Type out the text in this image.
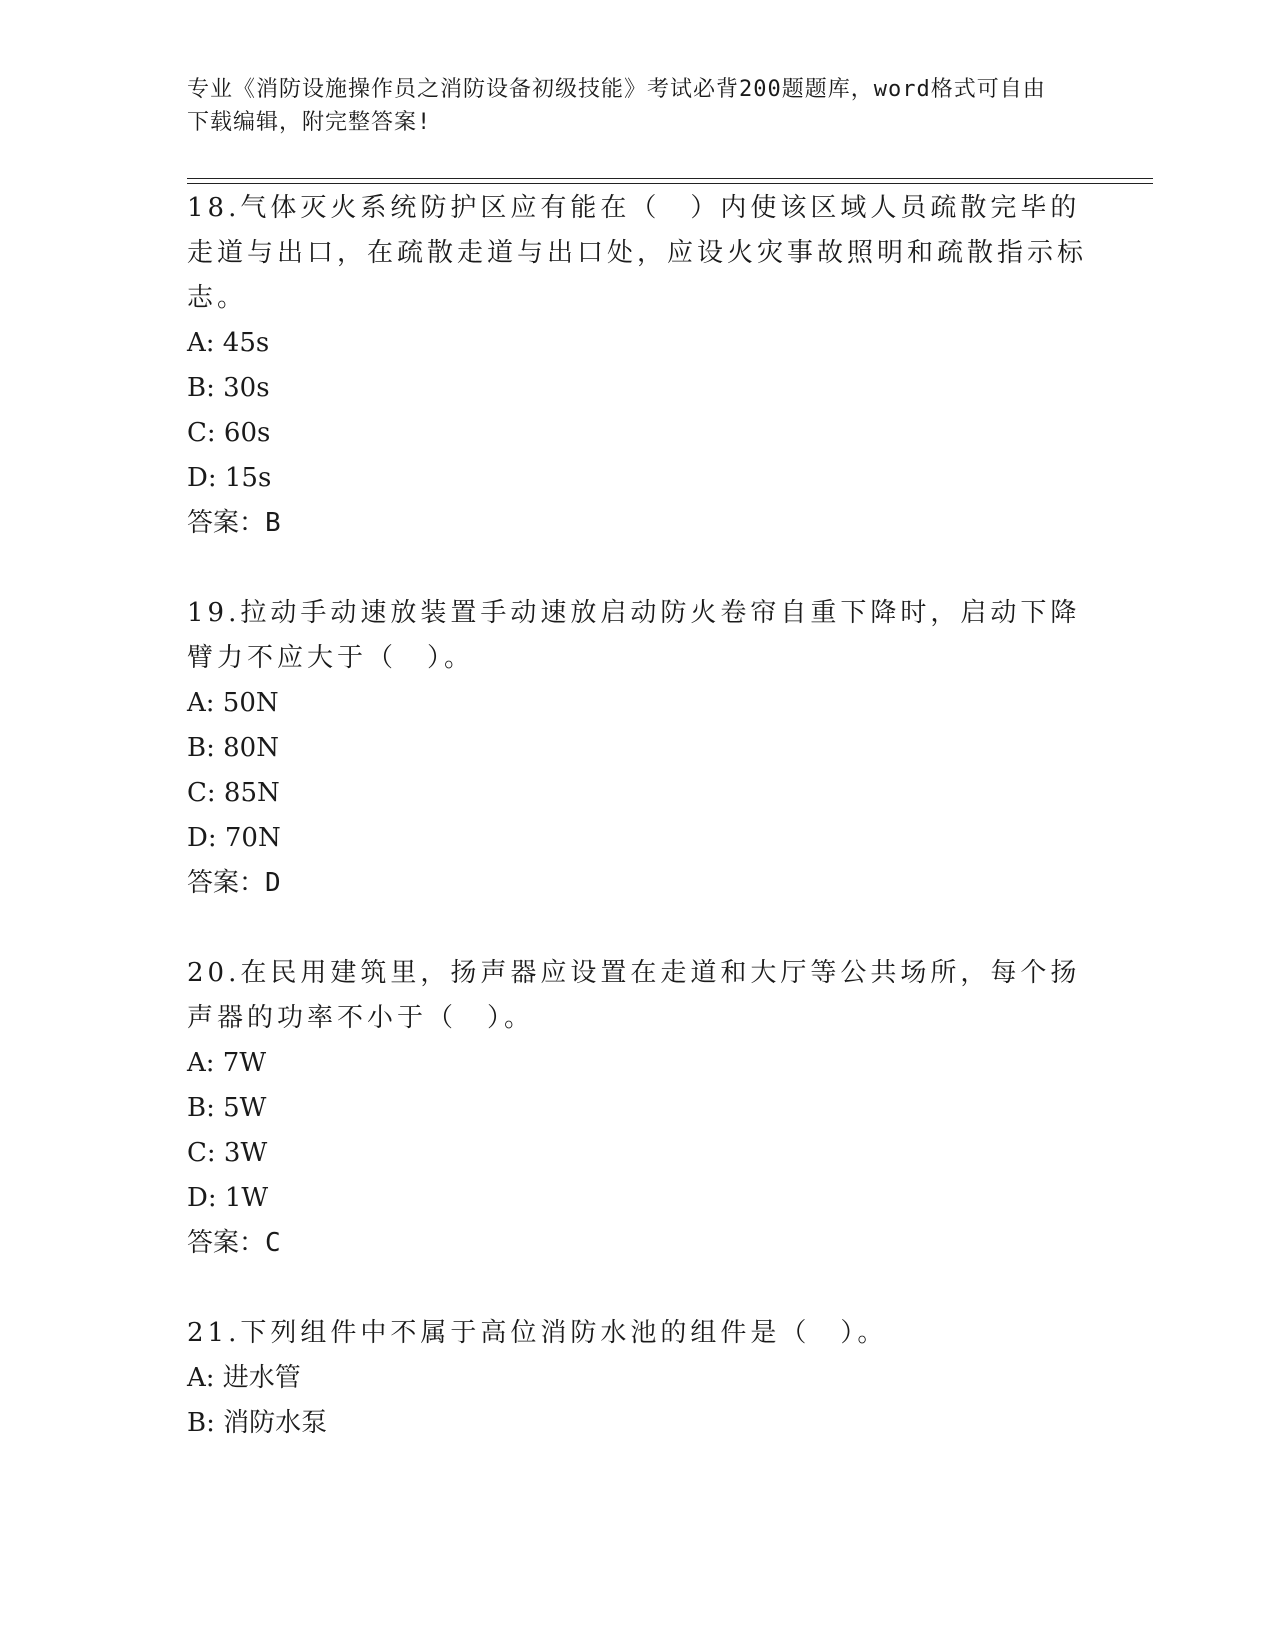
专业《消防设施操作员之消防设备初级技能》考试必背200题题库，word格式可自由下载编辑，附完整答案!

18.气体灭火系统防护区应有能在（　）内使该区域人员疏散完毕的走道与出口，在疏散走道与出口处，应设火灾事故照明和疏散指示标志。

A: 45s

B: 30s

C: 60s

D: 15s

答案：B

19.拉动手动速放装置手动速放启动防火卷帘自重下降时，启动下降臂力不应大于（　）。

A: 50N

B: 80N

C: 85N

D: 70N

答案：D

20.在民用建筑里，扬声器应设置在走道和大厅等公共场所，每个扬声器的功率不小于（　）。

A: 7W

B: 5W

C: 3W

D: 1W

答案：C

21.下列组件中不属于高位消防水池的组件是（　）。

A: 进水管

B: 消防水泵
